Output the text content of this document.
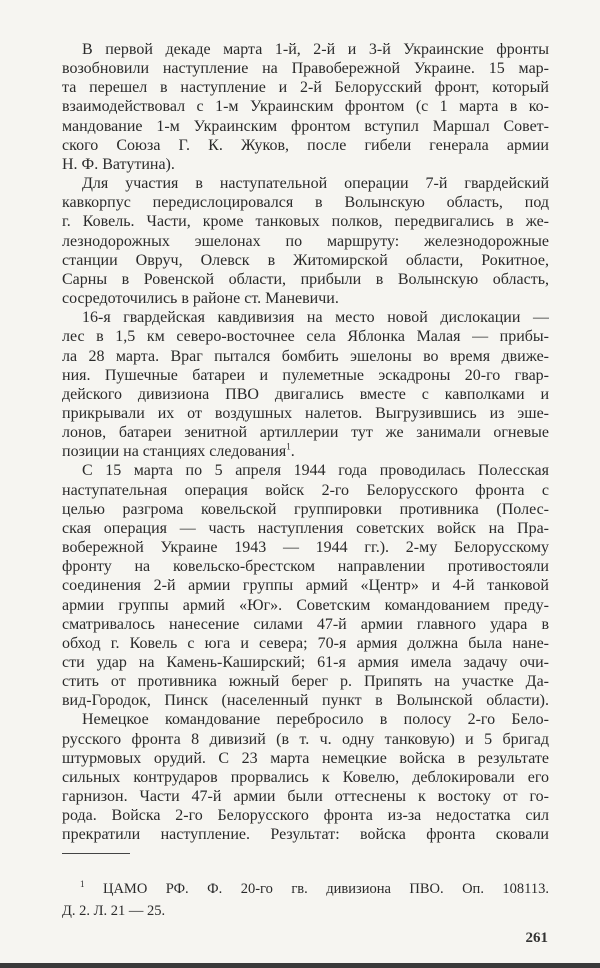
В первой декаде марта 1-й, 2-й и 3-й Украинские фронты
возобновили наступление на Правобережной Украине. 15 мар-
та перешел в наступление и 2-й Белорусский фронт, который
взаимодействовал с 1-м Украинским фронтом (с 1 марта в ко-
мандование 1-м Украинским фронтом вступил Маршал Совет-
ского Союза Г. К. Жуков, после гибели генерала армии
Н. Ф. Ватутина).
Для участия в наступательной операции 7-й гвардейский
кавкорпус передислоцировался в Волынскую область, под
г. Ковель. Части, кроме танковых полков, передвигались в же-
лезнодорожных эшелонах по маршруту: железнодорожные
станции Овруч, Олевск в Житомирской области, Рокитное,
Сарны в Ровенской области, прибыли в Волынскую область,
сосредоточились в районе ст. Маневичи.
16-я гвардейская кавдивизия на место новой дислокации —
лес в 1,5 км северо-восточнее села Яблонка Малая — прибы-
ла 28 марта. Враг пытался бомбить эшелоны во время движе-
ния. Пушечные батареи и пулеметные эскадроны 20-го гвар-
дейского дивизиона ПВО двигались вместе с кавполками и
прикрывали их от воздушных налетов. Выгрузившись из эше-
лонов, батареи зенитной артиллерии тут же занимали огневые
позиции на станциях следования$^1$.
С 15 марта по 5 апреля 1944 года проводилась Полесская
наступательная операция войск 2-го Белорусского фронта с
целью разгрома ковельской группировки противника (Полес-
ская операция — часть наступления советских войск на Пра-
вобережной Украине 1943 — 1944 гг.). 2-му Белорусскому
фронту на ковельско-брестском направлении противостояли
соединения 2-й армии группы армий «Центр» и 4-й танковой
армии группы армий «Юг». Советским командованием преду-
сматривалось нанесение силами 47-й армии главного удара в
обход г. Ковель с юга и севера; 70-я армия должна была нане-
сти удар на Камень-Каширский; 61-я армия имела задачу очи-
стить от противника южный берег р. Припять на участке Да-
вид-Городок, Пинск (населенный пункт в Волынской области).
Немецкое командование перебросило в полосу 2-го Бело-
русского фронта 8 дивизий (в т. ч. одну танковую) и 5 бригад
штурмовых орудий. С 23 марта немецкие войска в результате
сильных контрударов прорвались к Ковелю, деблокировали его
гарнизон. Части 47-й армии были оттеснены к востоку от го-
рода. Войска 2-го Белорусского фронта из-за недостатка сил
прекратили наступление. Результат: войска фронта сковали
$^1$ ЦАМО РФ. Ф. 20-го гв. дивизиона ПВО. Оп. 108113.
Д. 2. Л. 21 — 25.
261
